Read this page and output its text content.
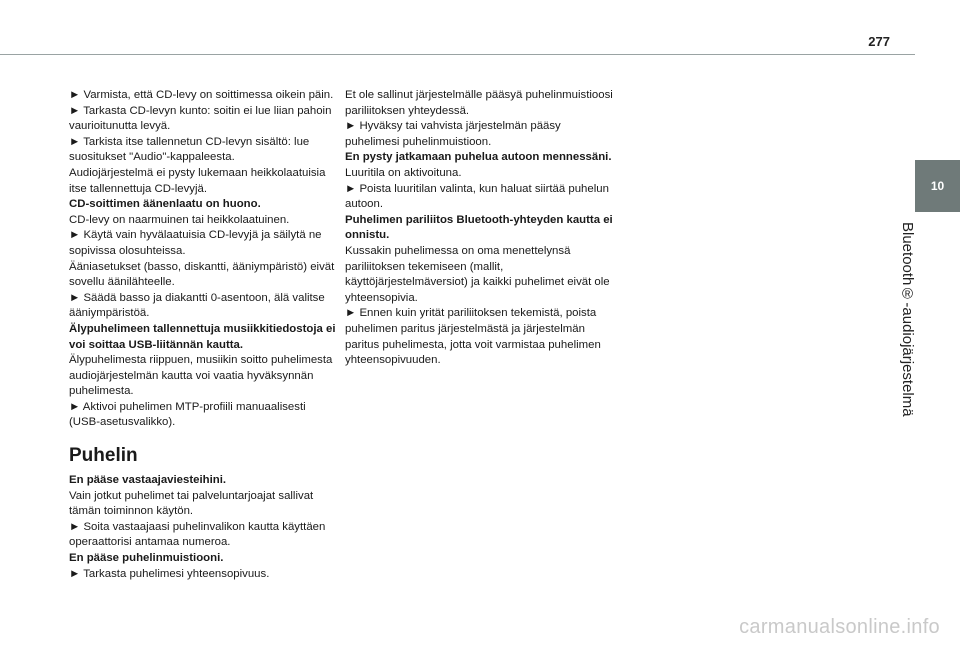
277
10
Bluetooth®-audiojärjestelmä

► Varmista, että CD-levy on soittimessa oikein päin.

► Tarkasta CD-levyn kunto: soitin ei lue liian pahoin vaurioitunutta levyä.

► Tarkista itse tallennetun CD-levyn sisältö: lue suositukset "Audio"-kappaleesta.

Audiojärjestelmä ei pysty lukemaan heikkolaatuisia itse tallennettuja CD-levyjä.

CD-soittimen äänenlaatu on huono.

CD-levy on naarmuinen tai heikkolaatuinen.

► Käytä vain hyvälaatuisia CD-levyjä ja säilytä ne sopivissa olosuhteissa.

Ääniasetukset (basso, diskantti, ääniympäristö) eivät sovellu äänilähteelle.

► Säädä basso ja diakantti 0-asentoon, älä valitse ääniympäristöä.

Älypuhelimeen tallennettuja musiikkitiedostoja ei voi soittaa USB-liitännän kautta.

Älypuhelimesta riippuen, musiikin soitto puhelimesta audiojärjestelmän kautta voi vaatia hyväksynnän puhelimesta.

► Aktivoi puhelimen MTP-profiili manuaalisesti (USB-asetusvalikko).

Puhelin

En pääse vastaajaviesteihini.

Vain jotkut puhelimet tai palveluntarjoajat sallivat tämän toiminnon käytön.

► Soita vastaajaasi puhelinvalikon kautta käyttäen operaattorisi antamaa numeroa.

En pääse puhelinmuistiooni.

► Tarkasta puhelimesi yhteensopivuus.

Et ole sallinut järjestelmälle pääsyä puhelinmuistioosi pariliitoksen yhteydessä.

► Hyväksy tai vahvista järjestelmän pääsy puhelimesi puhelinmuistioon.

En pysty jatkamaan puhelua autoon mennessäni.

Luuritila on aktivoituna.

► Poista luuritilan valinta, kun haluat siirtää puhelun autoon.

Puhelimen pariliitos Bluetooth-yhteyden kautta ei onnistu.

Kussakin puhelimessa on oma menettelynsä pariliitoksen tekemiseen (mallit, käyttöjärjestelmäversiot) ja kaikki puhelimet eivät ole yhteensopivia.

► Ennen kuin yrität pariliitoksen tekemistä, poista puhelimen paritus järjestelmästä ja järjestelmän paritus puhelimesta, jotta voit varmistaa puhelimen yhteensopivuuden.

carmanualsonline.info
